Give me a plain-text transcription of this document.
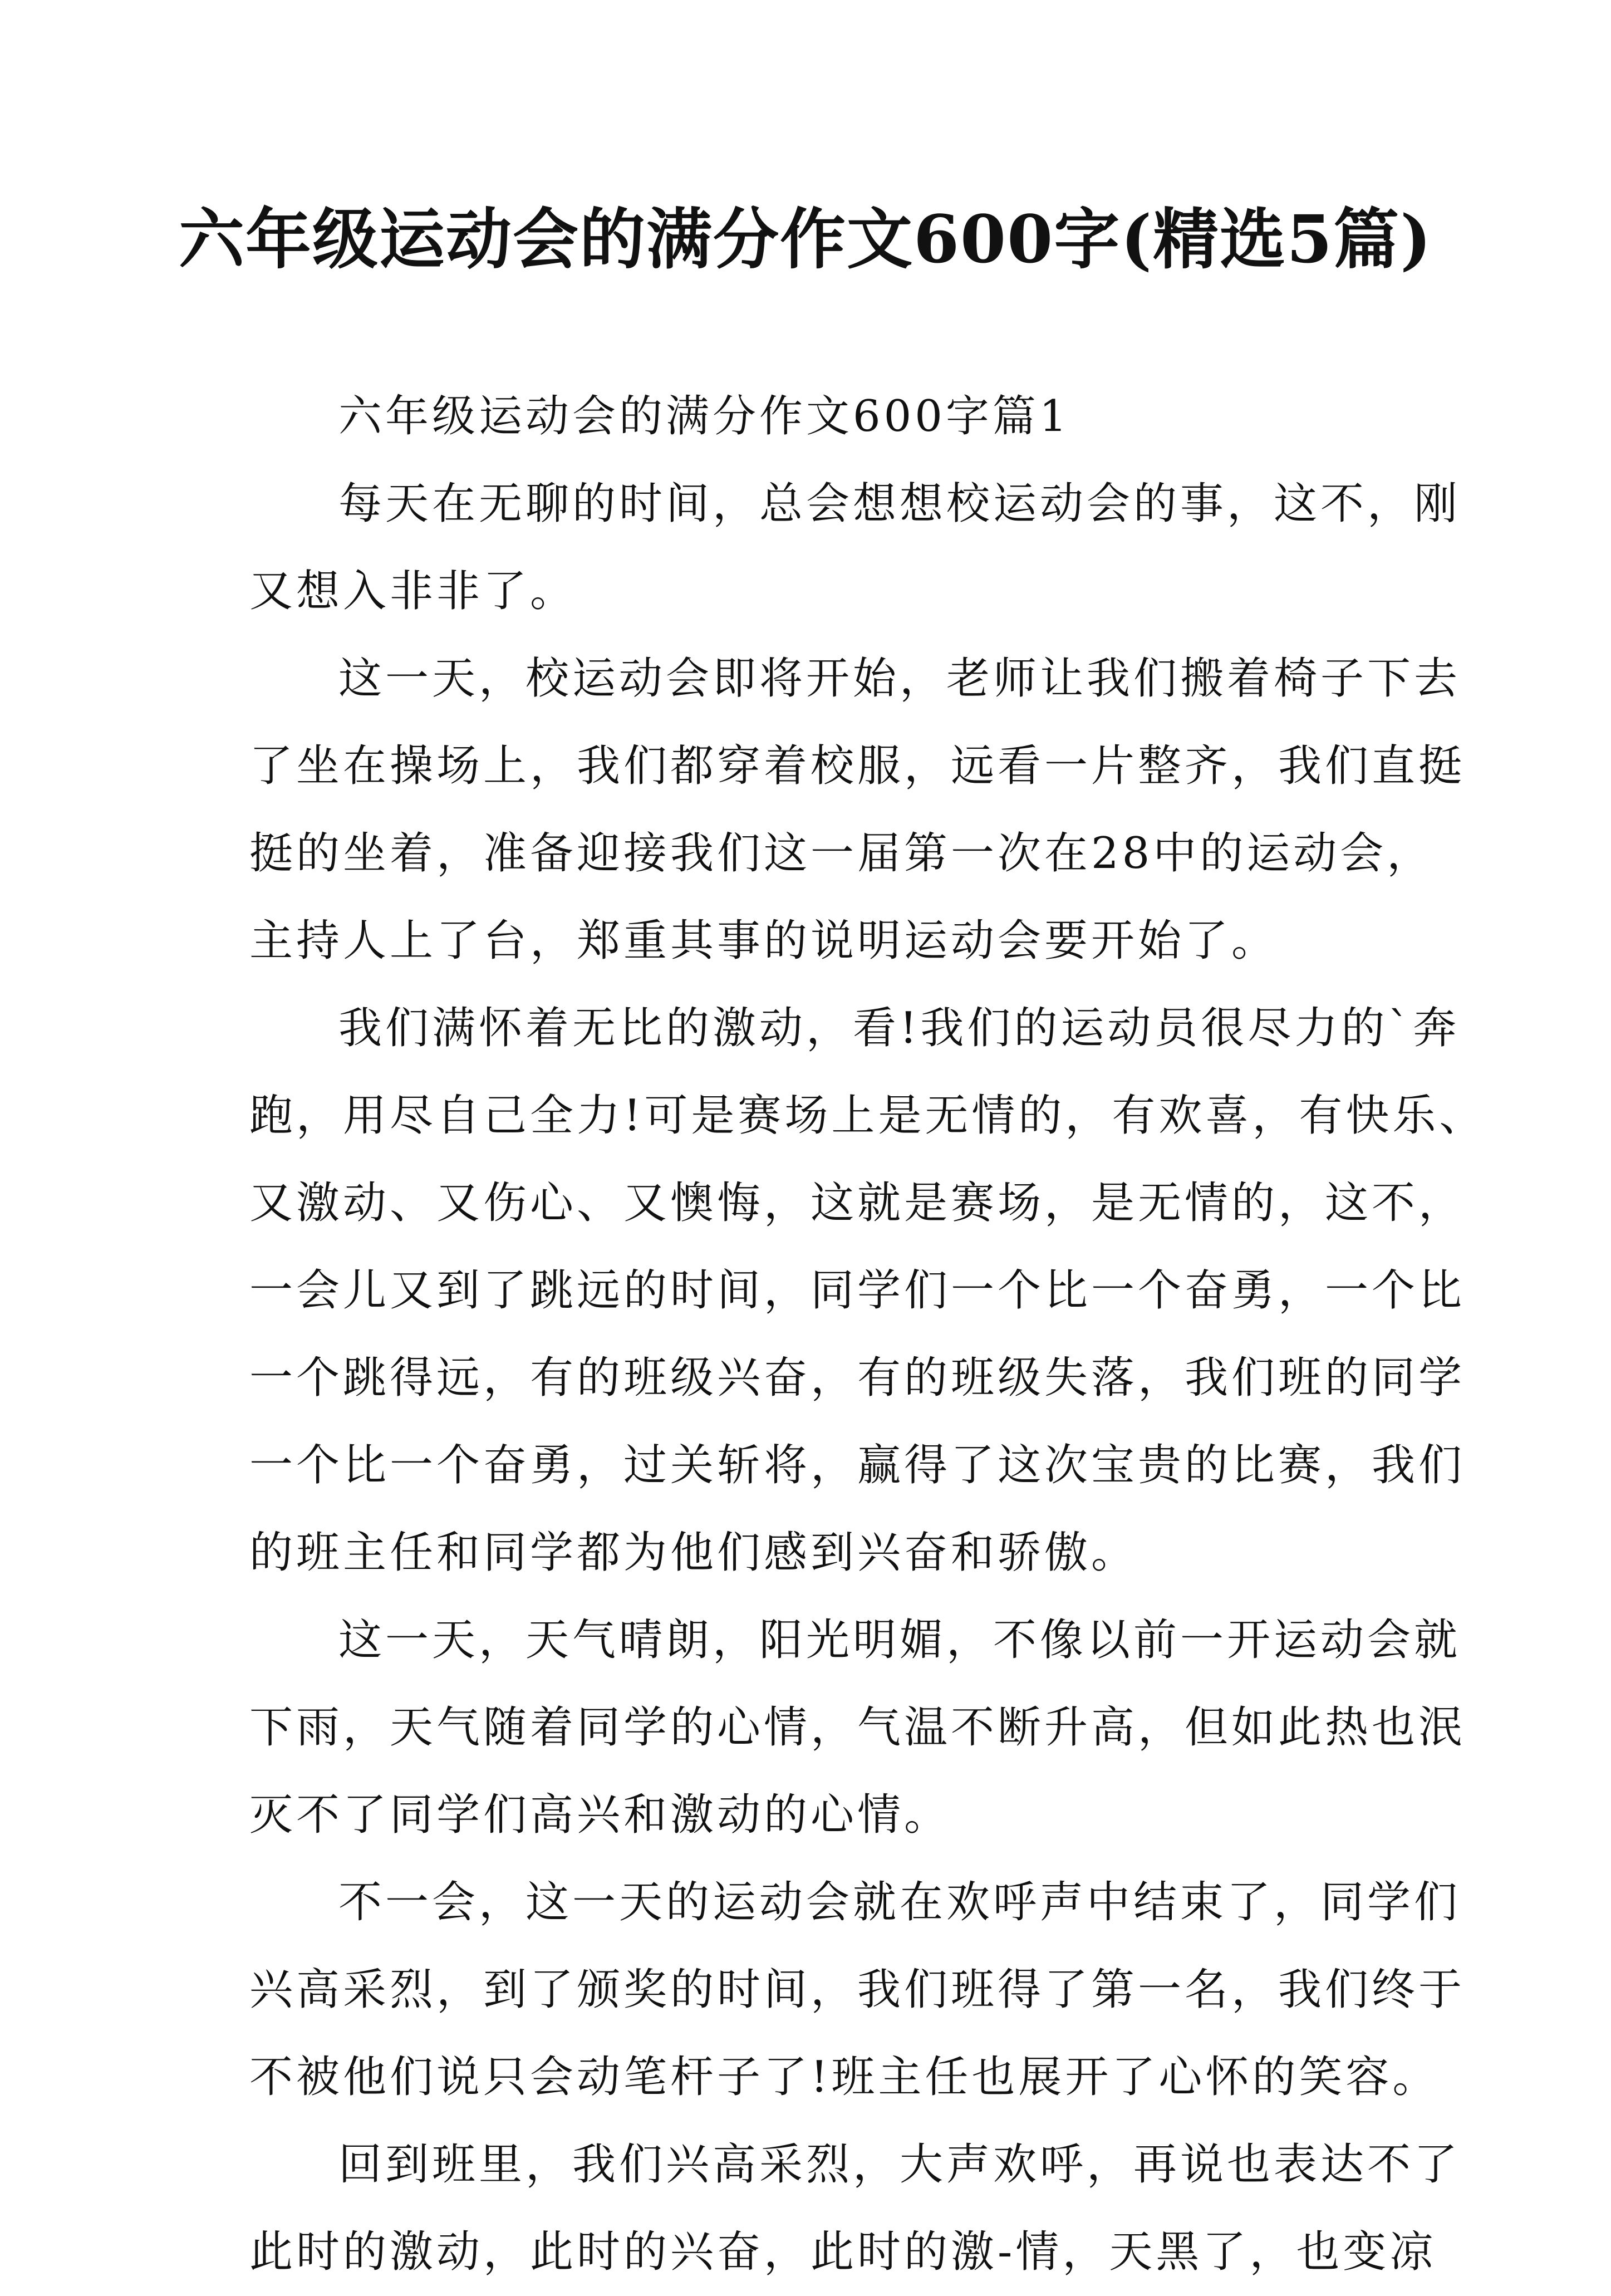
六年级运动会的满分作文600字(精选5篇)
六年级运动会的满分作文600字篇1
每天在无聊的时间，总会想想校运动会的事，这不，刚
又想入非非了。
这一天，校运动会即将开始，老师让我们搬着椅子下去
了坐在操场上，我们都穿着校服，远看一片整齐，我们直挺
挺的坐着，准备迎接我们这一届第一次在28中的运动会，
主持人上了台，郑重其事的说明运动会要开始了。
我们满怀着无比的激动，看!我们的运动员很尽力的`奔
跑，用尽自己全力!可是赛场上是无情的，有欢喜，有快乐、
又激动、又伤心、又懊悔，这就是赛场，是无情的，这不，
一会儿又到了跳远的时间，同学们一个比一个奋勇，一个比
一个跳得远，有的班级兴奋，有的班级失落，我们班的同学
一个比一个奋勇，过关斩将，赢得了这次宝贵的比赛，我们
的班主任和同学都为他们感到兴奋和骄傲。
这一天，天气晴朗，阳光明媚，不像以前一开运动会就
下雨，天气随着同学的心情，气温不断升高，但如此热也泯
灭不了同学们高兴和激动的心情。
不一会，这一天的运动会就在欢呼声中结束了，同学们
兴高采烈，到了颁奖的时间，我们班得了第一名，我们终于
不被他们说只会动笔杆子了!班主任也展开了心怀的笑容。
回到班里，我们兴高采烈，大声欢呼，再说也表达不了
此时的激动，此时的兴奋，此时的激-情，天黑了，也变凉
